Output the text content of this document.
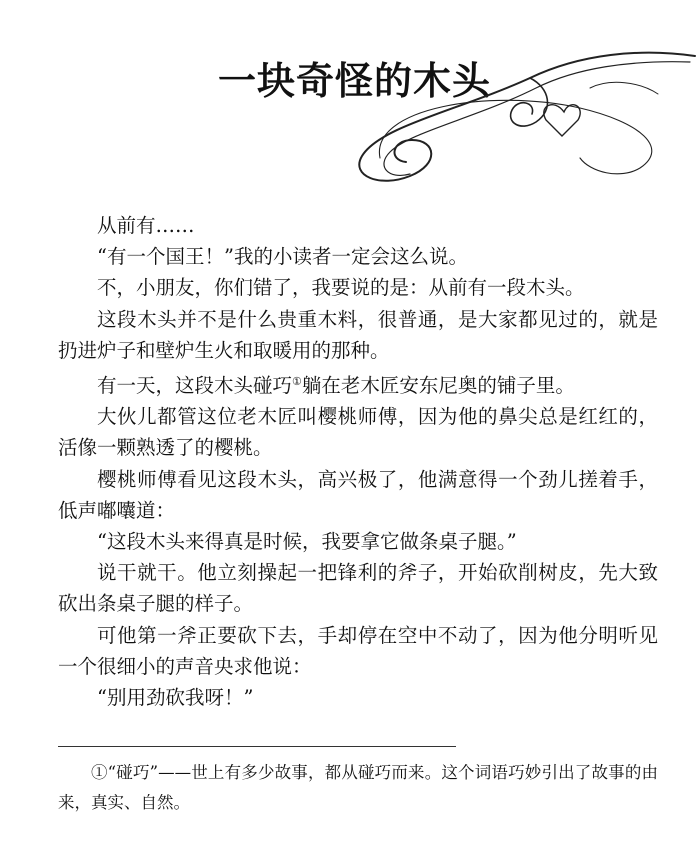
一块奇怪的木头

从前有……

“有一个国王！”我的小读者一定会这么说。

不，小朋友，你们错了，我要说的是：从前有一段木头。

这段木头并不是什么贵重木料，很普通，是大家都见过的，就是扔进炉子和壁炉生火和取暖用的那种。

有一天，这段木头碰巧①躺在老木匠安东尼奥的铺子里。

大伙儿都管这位老木匠叫樱桃师傅，因为他的鼻尖总是红红的，活像一颗熟透了的樱桃。

樱桃师傅看见这段木头，高兴极了，他满意得一个劲儿搓着手，低声嘟囔道：

“这段木头来得真是时候，我要拿它做条桌子腿。”

说干就干。他立刻操起一把锋利的斧子，开始砍削树皮，先大致砍出条桌子腿的样子。

可他第一斧正要砍下去，手却停在空中不动了，因为他分明听见一个很细小的声音央求他说：

“别用劲砍我呀！”

①“碰巧”——世上有多少故事，都从碰巧而来。这个词语巧妙引出了故事的由来，真实、自然。
